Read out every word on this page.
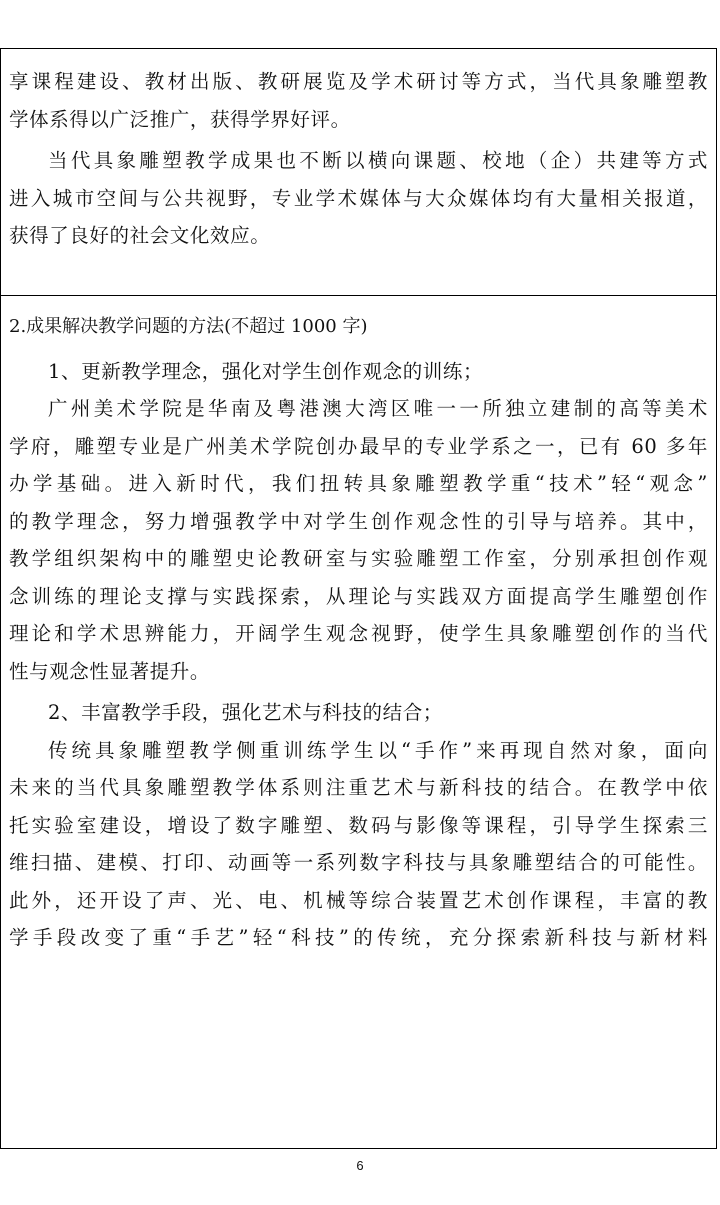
享课程建设、教材出版、教研展览及学术研讨等方式，当代具象雕塑教

学体系得以广泛推广，获得学界好评。

当代具象雕塑教学成果也不断以横向课题、校地（企）共建等方式

进入城市空间与公共视野，专业学术媒体与大众媒体均有大量相关报道，

获得了良好的社会文化效应。

2.成果解决教学问题的方法(不超过 1000 字)

1、更新教学理念，强化对学生创作观念的训练；

广州美术学院是华南及粤港澳大湾区唯一一所独立建制的高等美术

学府，雕塑专业是广州美术学院创办最早的专业学系之一，已有 60 多年

办学基础。进入新时代，我们扭转具象雕塑教学重“技术”轻“观念”

的教学理念，努力增强教学中对学生创作观念性的引导与培养。其中，

教学组织架构中的雕塑史论教研室与实验雕塑工作室，分别承担创作观

念训练的理论支撑与实践探索，从理论与实践双方面提高学生雕塑创作

理论和学术思辨能力，开阔学生观念视野，使学生具象雕塑创作的当代

性与观念性显著提升。

2、丰富教学手段，强化艺术与科技的结合；

传统具象雕塑教学侧重训练学生以“手作”来再现自然对象，面向

未来的当代具象雕塑教学体系则注重艺术与新科技的结合。在教学中依

托实验室建设，增设了数字雕塑、数码与影像等课程，引导学生探索三

维扫描、建模、打印、动画等一系列数字科技与具象雕塑结合的可能性。

此外，还开设了声、光、电、机械等综合装置艺术创作课程，丰富的教

学手段改变了重“手艺”轻“科技”的传统，充分探索新科技与新材料

6
